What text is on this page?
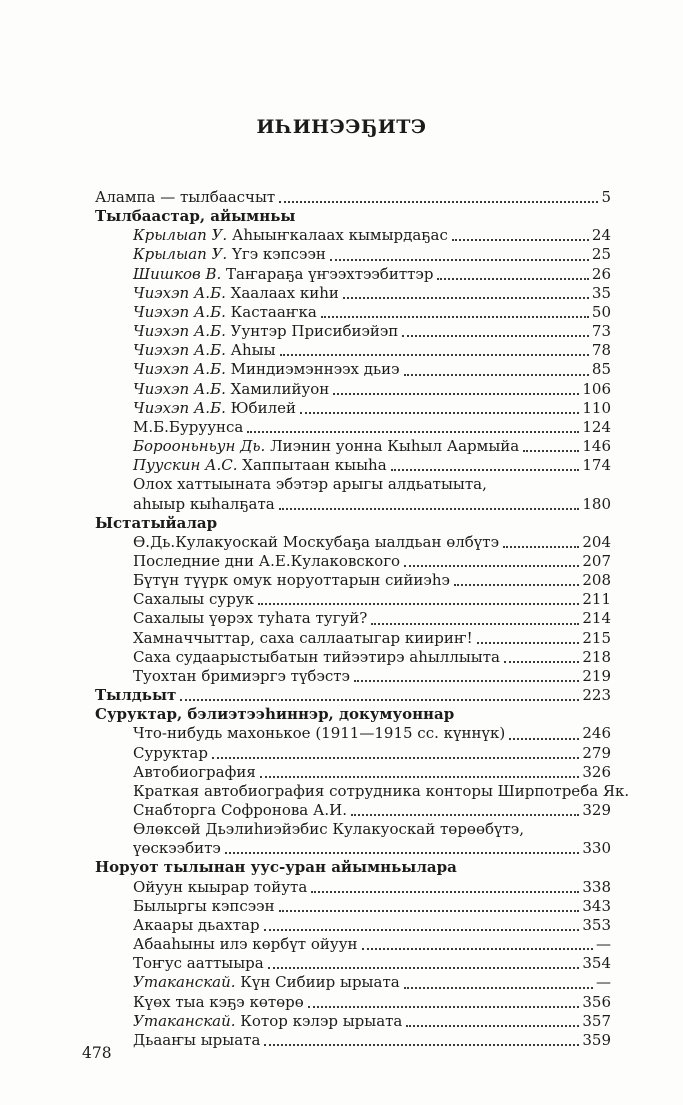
ИҺИНЭЭҔИТЭ
Алампа — тылбаасчыт	5
Тылбаастар, айымньы
Крылыап У. Аһыыҥкалаах кымырдаҕас	24
Крылыап У. Үгэ кэпсээн	25
Шишков В. Таҥараҕа үҥээхтээбиттэр	26
Чиэхэп А.Б. Хаалаах киһи	35
Чиэхэп А.Б. Кастааҥка	50
Чиэхэп А.Б. Уунтэр Присибиэйэп	73
Чиэхэп А.Б. Аһыы	78
Чиэхэп А.Б. Миндиэмэннээх дьиэ	85
Чиэхэп А.Б. Хамилийуон	106
Чиэхэп А.Б. Юбилей	110
М.Б.Буруунса	124
Борооньньун Дь. Лиэнин уонна Кыһыл Аармыйа	146
Пуускин А.С. Хаппытаан кыыһа	174
Олох хаттыыната эбэтэр арыгы алдьатыыта,
аһыыр кыһалҕата	180
Ыстатыйалар
Ө.Дь.Кулакуоскай Москубаҕа ыалдьан өлбүтэ	204
Последние дни А.Е.Кулаковского	207
Бүтүн түүрк омук норуоттарын сийиэһэ	208
Сахалыы сурук	211
Сахалыы үөрэх туһата тугуй?	214
Хамначчыттар, саха саллаатыгар киириҥ!	215
Саха судаарыстыбатын тийээтирэ аһыллыыта	218
Туохтан бримиэргэ түбэстэ	219
Тылдьыт	223
Суруктар, бэлиэтээһиннэр, докумуоннар
Что-нибудь махонькое (1911—1915 сс. күннүк)	246
Суруктар	279
Автобиография	326
Краткая автобиография сотрудника конторы Ширпотреба Як.
Снабторга Софронова А.И.	329
Өлөксөй Дьэлиһиэйэбис Кулакуоскай төрөөбүтэ,
үөскээбитэ	330
Норуот тылынан уус-уран айымньылара
Ойуун кыырар тойута	338
Былыргы кэпсээн	343
Акаары дьахтар	353
Абааһыны илэ көрбүт ойуун	—
Тоҥус ааттыыра	354
Утаканскай. Күн Сибиир ырыата	—
Күөх тыа кэҕэ көтөрө	356
Утаканскай. Котор кэлэр ырыата	357
Дьааҥы ырыата	359
478
